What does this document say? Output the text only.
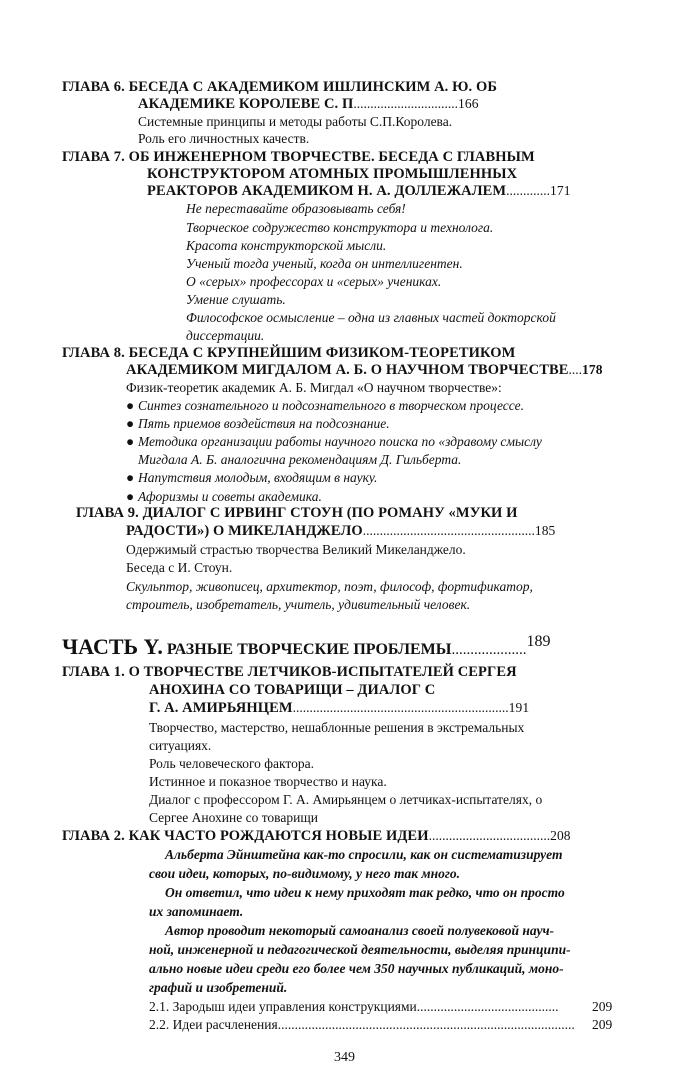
ГЛАВА 6. БЕСЕДА С АКАДЕМИКОМ ИШЛИНСКИМ А. Ю. ОБ
АКАДЕМИКЕ КОРОЛЕВЕ С. П...............................166
Системные принципы и методы работы С.П.Королева.
Роль его личностных качеств.
ГЛАВА 7. ОБ ИНЖЕНЕРНОМ ТВОРЧЕСТВЕ. БЕСЕДА С ГЛАВНЫМ
КОНСТРУКТОРОМ АТОМНЫХ ПРОМЫШЛЕННЫХ
РЕАКТОРОВ АКАДЕМИКОМ Н. А. ДОЛЛЕЖАЛЕМ.............171
Не переставайте образовывать себя!
Творческое содружество конструктора и технолога.
Красота конструкторской мысли.
Ученый тогда ученый, когда он интеллигентен.
О «серых» профессорах и «серых» учениках.
Умение слушать.
Философское осмысление – одна из главных частей докторской
диссертации.
ГЛАВА 8. БЕСЕДА С КРУПНЕЙШИМ ФИЗИКОМ-ТЕОРЕТИКОМ
АКАДЕМИКОМ МИГДАЛОМ А. Б. О НАУЧНОМ ТВОРЧЕСТВЕ....178
Физик-теоретик академик А. Б. Мигдал «О научном творчестве»:
● Синтез сознательного и подсознательного в творческом процессе.
● Пять приемов воздействия на подсознание.
● Методика организации работы научного поиска по «здравому смыслу
Мигдала А. Б. аналогична рекомендациям Д. Гильберта.
● Напутствия молодым, входящим в науку.
● Афоризмы и советы академика.
ГЛАВА 9. ДИАЛОГ С ИРВИНГ СТОУН (ПО РОМАНУ «МУКИ И
РАДОСТИ») О МИКЕЛАНДЖЕЛО...................................................185
Одержимый страстью творчества Великий Микеланджело.
Беседа с И. Стоун.
Скульптор, живописец, архитектор, поэт, философ, фортификатор,
строитель, изобретатель, учитель, удивительный человек.
ЧАСТЬ Y. РАЗНЫЕ ТВОРЧЕСКИЕ ПРОБЛЕМЫ....................189
ГЛАВА 1. О ТВОРЧЕСТВЕ ЛЕТЧИКОВ-ИСПЫТАТЕЛЕЙ СЕРГЕЯ
АНОХИНА СО ТОВАРИЩИ – ДИАЛОГ С
Г. А. АМИРЬЯНЦЕМ................................................................191
Творчество, мастерство, нешаблонные решения в экстремальных
ситуациях.
Роль человеческого фактора.
Истинное и показное творчество и наука.
Диалог с профессором Г. А. Амирьянцем о летчиках-испытателях, о
Сергее Анохине со товарищи
ГЛАВА 2. КАК ЧАСТО РОЖДАЮТСЯ НОВЫЕ ИДЕИ....................................208
Альберта Эйнштейна как-то спросили, как он систематизирует
свои идеи, которых, по-видимому, у него так много.
Он ответил, что идеи к нему приходят так редко, что он просто
их запоминает.
Автор проводит некоторый самоанализ своей полувековой науч-
ной, инженерной и педагогической деятельности, выделяя принципи-
ально новые идеи среди его более чем 350 научных публикаций, моно-
графий и изобретений.
2.1. Зародыш идеи управления конструкциями.......................................... 209
2.2. Идеи расчленения........................................................................................ 209
349
